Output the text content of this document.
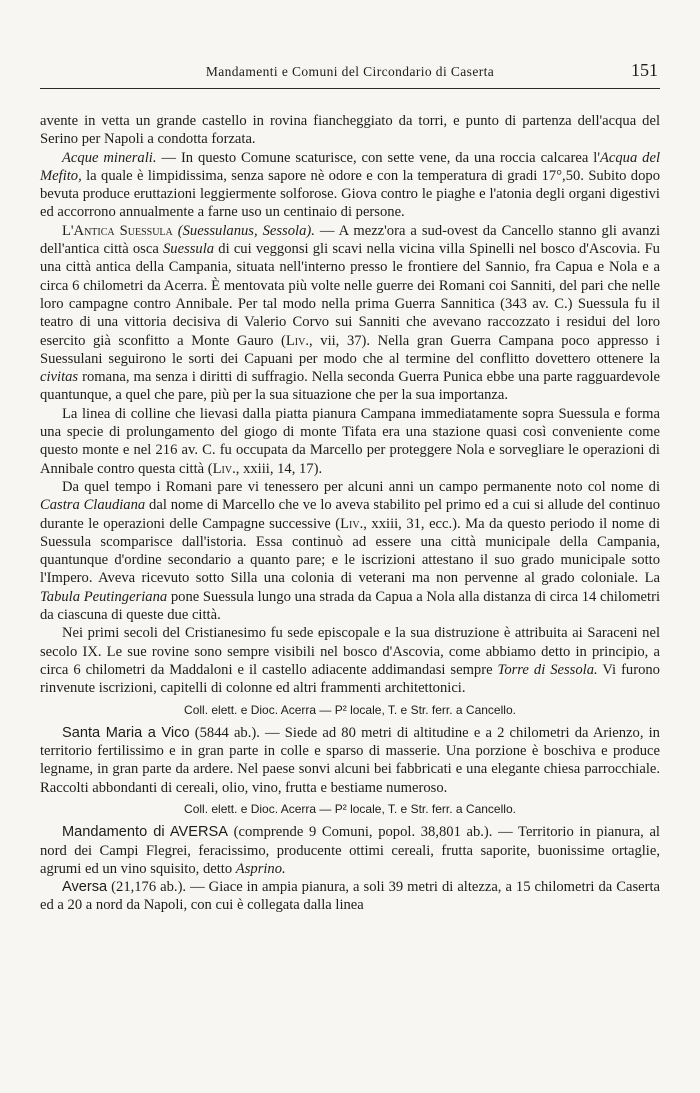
Mandamenti e Comuni del Circondario di Caserta	151

avente in vetta un grande castello in rovina fiancheggiato da torri, e punto di partenza dell'acqua del Serino per Napoli a condotta forzata.

Acque minerali. — In questo Comune scaturisce, con sette vene, da una roccia calcarea l'Acqua del Mefito, la quale è limpidissima, senza sapore nè odore e con la temperatura di gradi 17°,50. Subito dopo bevuta produce eruttazioni leggiermente solforose. Giova contro le piaghe e l'atonia degli organi digestivi ed accorrono annualmente a farne uso un centinaio di persone.

L'Antica Suessula (Suessulanus, Sessola). — A mezz'ora a sud-ovest da Cancello stanno gli avanzi dell'antica città osca Suessula di cui veggonsi gli scavi nella vicina villa Spinelli nel bosco d'Ascovia. Fu una città antica della Campania, situata nell'interno presso le frontiere del Sannio, fra Capua e Nola e a circa 6 chilometri da Acerra. È mentovata più volte nelle guerre dei Romani coi Sanniti, del pari che nelle loro campagne contro Annibale. Per tal modo nella prima Guerra Sannitica (343 av. C.) Suessula fu il teatro di una vittoria decisiva di Valerio Corvo sui Sanniti che avevano raccozzato i residui del loro esercito già sconfitto a Monte Gauro (Liv., vii, 37). Nella gran Guerra Campana poco appresso i Suessulani seguirono le sorti dei Capuani per modo che al termine del conflitto dovettero ottenere la civitas romana, ma senza i diritti di suffragio. Nella seconda Guerra Punica ebbe una parte ragguardevole quantunque, a quel che pare, più per la sua situazione che per la sua importanza.

La linea di colline che lievasi dalla piatta pianura Campana immediatamente sopra Suessula e forma una specie di prolungamento del giogo di monte Tifata era una stazione quasi così conveniente come questo monte e nel 216 av. C. fu occupata da Marcello per proteggere Nola e sorvegliare le operazioni di Annibale contro questa città (Liv., xxiii, 14, 17).

Da quel tempo i Romani pare vi tenessero per alcuni anni un campo permanente noto col nome di Castra Claudiana dal nome di Marcello che ve lo aveva stabilito pel primo ed a cui si allude del continuo durante le operazioni delle Campagne successive (Liv., xxiii, 31, ecc.). Ma da questo periodo il nome di Suessula scomparisce dall'istoria. Essa continuò ad essere una città municipale della Campania, quantunque d'ordine secondario a quanto pare; e le iscrizioni attestano il suo grado municipale sotto l'Impero. Aveva ricevuto sotto Silla una colonia di veterani ma non pervenne al grado coloniale. La Tabula Peutingeriana pone Suessula lungo una strada da Capua a Nola alla distanza di circa 14 chilometri da ciascuna di queste due città.

Nei primi secoli del Cristianesimo fu sede episcopale e la sua distruzione è attribuita ai Saraceni nel secolo IX. Le sue rovine sono sempre visibili nel bosco d'Ascovia, come abbiamo detto in principio, a circa 6 chilometri da Maddaloni e il castello adiacente addimandasi sempre Torre di Sessola. Vi furono rinvenute iscrizioni, capitelli di colonne ed altri frammenti architettonici.

Coll. elett. e Dioc. Acerra — P² locale, T. e Str. ferr. a Cancello.

Santa Maria a Vico (5844 ab.). — Siede ad 80 metri di altitudine e a 2 chilometri da Arienzo, in territorio fertilissimo e in gran parte in colle e sparso di masserie. Una porzione è boschiva e produce legname, in gran parte da ardere. Nel paese sonvi alcuni bei fabbricati e una elegante chiesa parrocchiale. Raccolti abbondanti di cereali, olio, vino, frutta e bestiame numeroso.

Coll. elett. e Dioc. Acerra — P² locale, T. e Str. ferr. a Cancello.

Mandamento di AVERSA (comprende 9 Comuni, popol. 38,801 ab.). — Territorio in pianura, al nord dei Campi Flegrei, feracissimo, producente ottimi cereali, frutta saporite, buonissime ortaglie, agrumi ed un vino squisito, detto Asprino.

Aversa (21,176 ab.). — Giace in ampia pianura, a soli 39 metri di altezza, a 15 chilometri da Caserta ed a 20 a nord da Napoli, con cui è collegata dalla linea
